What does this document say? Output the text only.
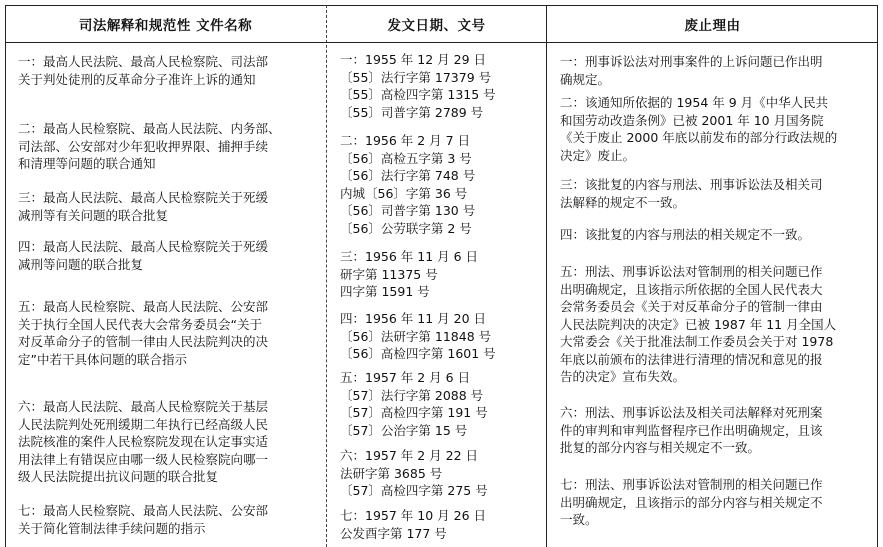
司法解释和规范性 文件名称	发文日期、文号	废止理由
一：最高人民法院、最高人民检察院、司法部
关于判处徒刑的反革命分子准许上诉的通知
二：最高人民检察院、最高人民法院、内务部、
司法部、公安部对少年犯收押界限、捕押手续
和清理等问题的联合通知
三：最高人民法院、最高人民检察院关于死缓
减刑等有关问题的联合批复
四：最高人民法院、最高人民检察院关于死缓
减刑等问题的联合批复
五：最高人民检察院、最高人民法院、公安部
关于执行全国人民代表大会常务委员会“关于
对反革命分子的管制一律由人民法院判决的决
定”中若干具体问题的联合指示
六：最高人民法院、最高人民检察院关于基层
人民法院判处死刑缓期二年执行已经高级人民
法院核准的案件人民检察院发现在认定事实适
用法律上有错误应由哪一级人民检察院向哪一
级人民法院提出抗议问题的联合批复
七：最高人民检察院、最高人民法院、公安部
关于简化管制法律手续问题的指示
一：1955 年 12 月 29 日
〔55〕法行字第 17379 号
〔55〕高检四字第 1315 号
〔55〕司普字第 2789 号
二：1956 年 2 月 7 日
〔56〕高检五字第 3 号
〔56〕法行字第 748 号
内城〔56〕字第 36 号
〔56〕司普字第 130 号
〔56〕公劳联字第 2 号
三：1956 年 11 月 6 日
研字第 11375 号
四字第 1591 号
四：1956 年 11 月 20 日
〔56〕法研字第 11848 号
〔56〕高检四字第 1601 号
五：1957 年 2 月 6 日
〔57〕法行字第 2088 号
〔57〕高检四字第 191 号
〔57〕公治字第 15 号
六：1957 年 2 月 22 日
法研字第 3685 号
〔57〕高检四字第 275 号
七：1957 年 10 月 26 日
公发酉字第 177 号
一：刑事诉讼法对刑事案件的上诉问题已作出明
确规定。
二：该通知所依据的 1954 年 9 月《中华人民共
和国劳动改造条例》已被 2001 年 10 月国务院
《关于废止 2000 年底以前发布的部分行政法规的
决定》废止。
三：该批复的内容与刑法、刑事诉讼法及相关司
法解释的规定不一致。
四：该批复的内容与刑法的相关规定不一致。
五：刑法、刑事诉讼法对管制刑的相关问题已作
出明确规定，且该指示所依据的全国人民代表大
会常务委员会《关于对反革命分子的管制一律由
人民法院判决的决定》已被 1987 年 11 月全国人
大常委会《关于批准法制工作委员会关于对 1978
年底以前颁布的法律进行清理的情况和意见的报
告的决定》宣布失效。
六：刑法、刑事诉讼法及相关司法解释对死刑案
件的审判和审判监督程序已作出明确规定，且该
批复的部分内容与相关规定不一致。
七：刑法、刑事诉讼法对管制刑的相关问题已作
出明确规定，且该指示的部分内容与相关规定不
一致。
